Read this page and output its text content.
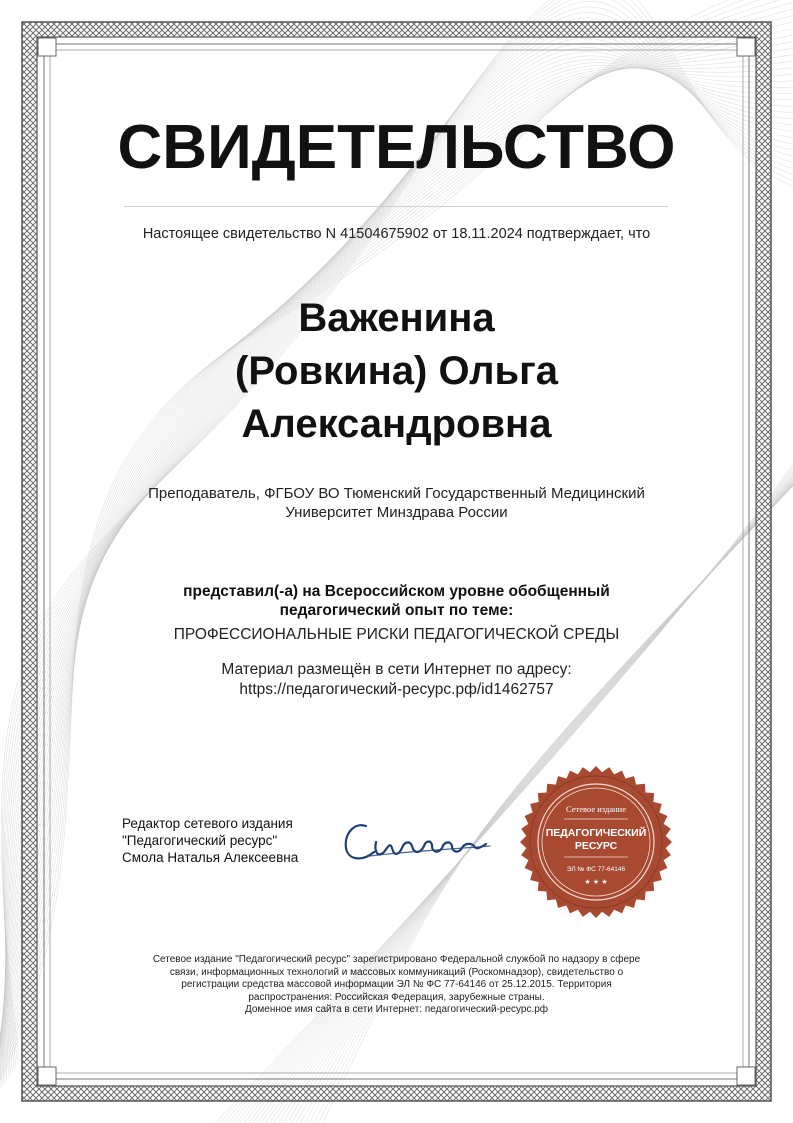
СВИДЕТЕЛЬСТВО
Настоящее свидетельство N 41504675902 от 18.11.2024 подтверждает, что
Важенина
(Ровкина) Ольга
Александровна
Преподаватель, ФГБОУ ВО Тюменский Государственный Медицинский
Университет Минздрава России
представил(-а) на Всероссийском уровне обобщенный
педагогический опыт по теме:
ПРОФЕССИОНАЛЬНЫЕ РИСКИ ПЕДАГОГИЧЕСКОЙ СРЕДЫ
Материал размещён в сети Интернет по адресу:
https://педагогический-ресурс.рф/id1462757
Редактор сетевого издания
"Педагогический ресурс"
Смола Наталья Алексеевна
Сетевое издание
ПЕДАГОГИЧЕСКИЙ
РЕСУРС
ЭЛ № ФС 77-64146
★ ★ ★
Сетевое издание "Педагогический ресурс" зарегистрировано Федеральной службой по надзору в сфере
связи, информационных технологий и массовых коммуникаций (Роскомнадзор), свидетельство о
регистрации средства массовой информации ЭЛ № ФС 77-64146 от 25.12.2015. Территория
распространения: Российская Федерация, зарубежные страны.
Доменное имя сайта в сети Интернет: педагогический-ресурс.рф
